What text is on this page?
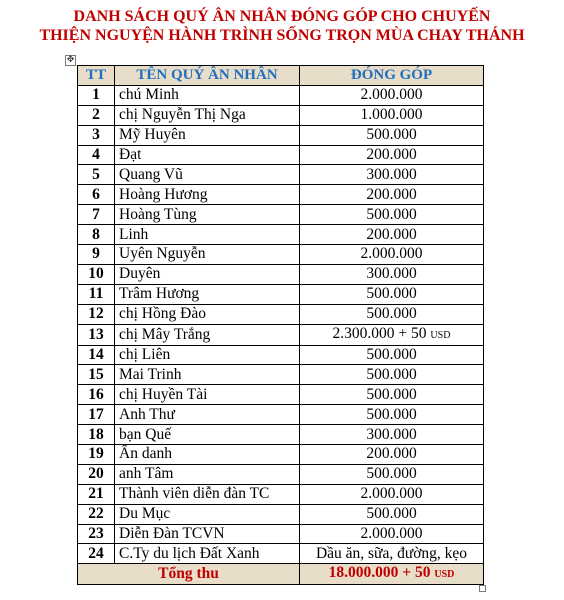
DANH SÁCH QUÝ ÂN NHÂN ĐÓNG GÓP CHO CHUYẾN
THIỆN NGUYỆN HÀNH TRÌNH SỐNG TRỌN MÙA CHAY THÁNH
✥
TT	TÊN QUÝ ÂN NHÂN	ĐÓNG GÓP
1	chú Minh	2.000.000
2	chị Nguyễn Thị Nga	1.000.000
3	Mỹ Huyên	500.000
4	Đạt	200.000
5	Quang Vũ	300.000
6	Hoàng Hương	200.000
7	Hoàng Tùng	500.000
8	Linh	200.000
9	Uyên Nguyễn	2.000.000
10	Duyên	300.000
11	Trâm Hương	500.000
12	chị Hồng Đào	500.000
13	chị Mây Trắng	2.300.000 + 50 USD
14	chị Liên	500.000
15	Mai Trinh	500.000
16	chị Huyền Tài	500.000
17	Anh Thư	500.000
18	bạn Quế	300.000
19	Ẩn danh	200.000
20	anh Tâm	500.000
21	Thành viên diễn đàn TC	2.000.000
22	Du Mục	500.000
23	Diễn Đàn TCVN	2.000.000
24	C.Ty du lịch Đất Xanh	Dầu ăn, sữa, đường, kẹo
Tổng thu		18.000.000 + 50 USD
